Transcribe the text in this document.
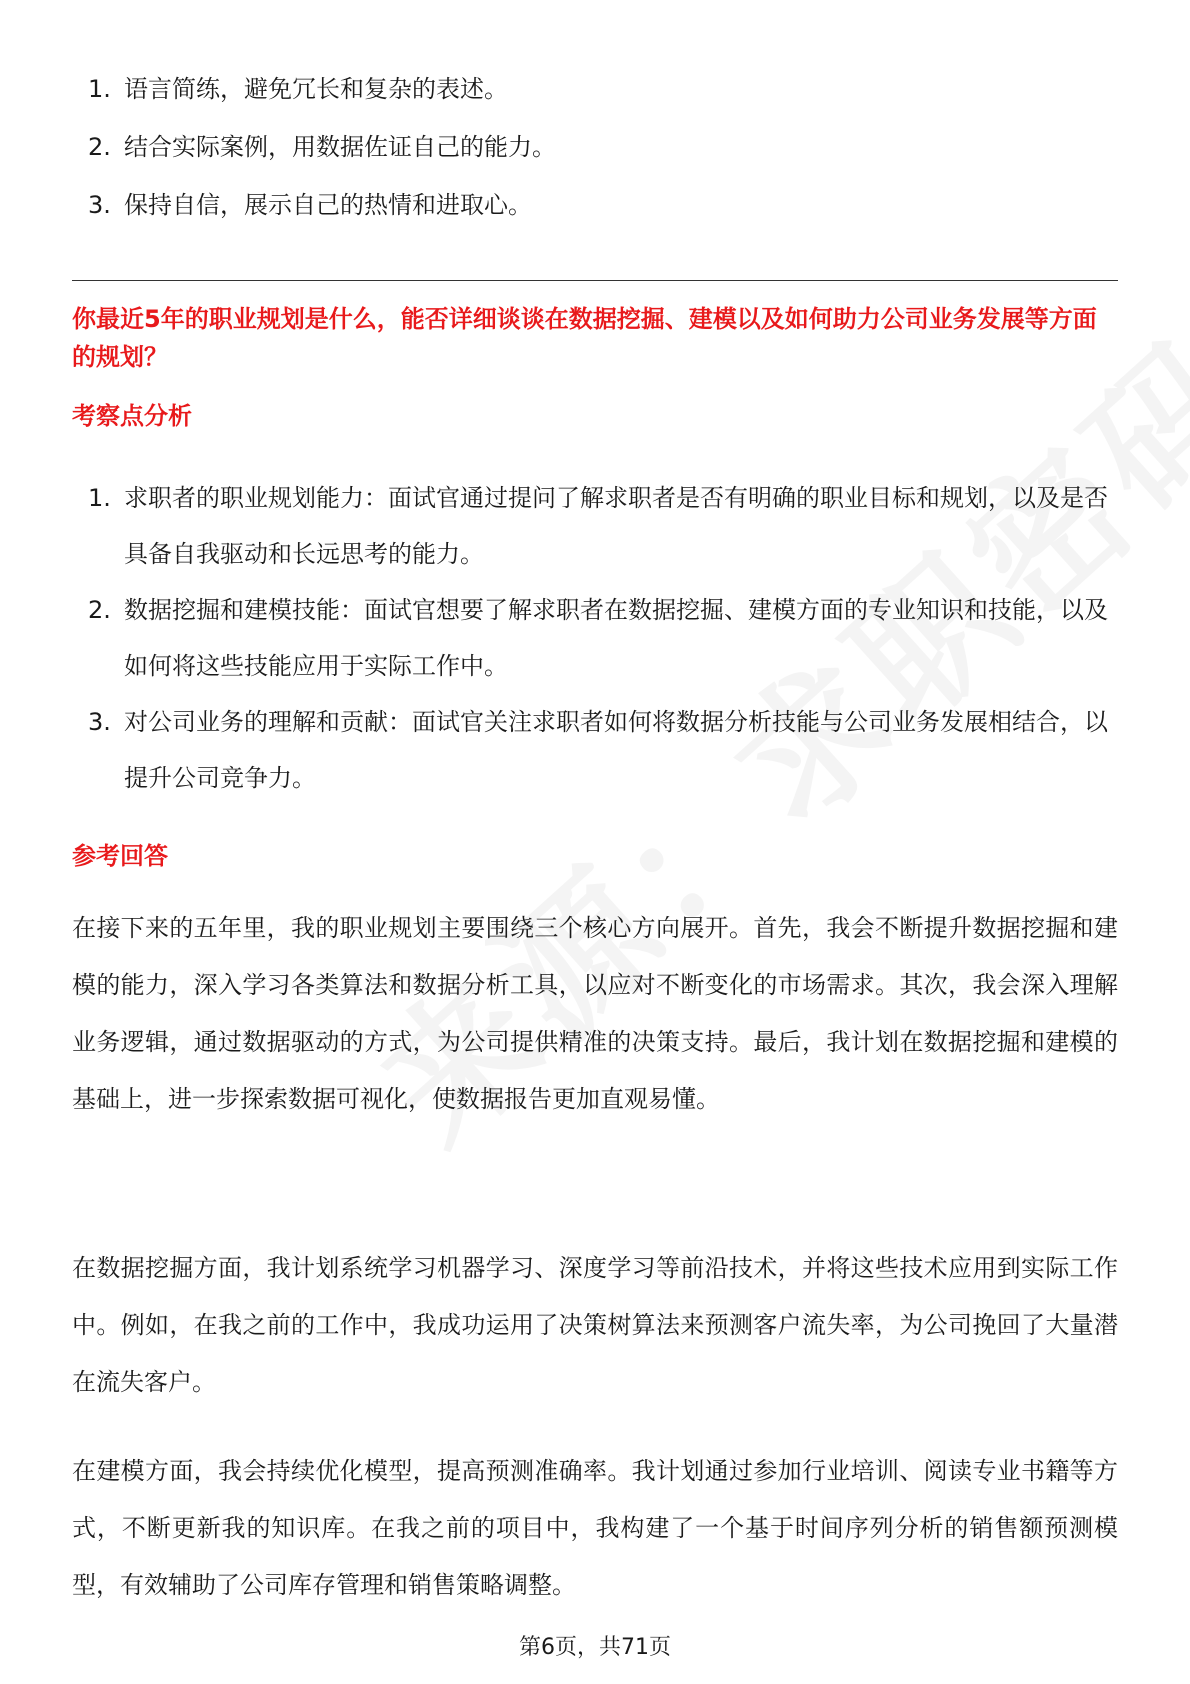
1. 语言简练，避免冗长和复杂的表述。
2. 结合实际案例，用数据佐证自己的能力。
3. 保持自信，展示自己的热情和进取心。
你最近5年的职业规划是什么，能否详细谈谈在数据挖掘、建模以及如何助力公司业务发展等方面的规划？
考察点分析
1. 求职者的职业规划能力：面试官通过提问了解求职者是否有明确的职业目标和规划，以及是否具备自我驱动和长远思考的能力。
2. 数据挖掘和建模技能：面试官想要了解求职者在数据挖掘、建模方面的专业知识和技能，以及如何将这些技能应用于实际工作中。
3. 对公司业务的理解和贡献：面试官关注求职者如何将数据分析技能与公司业务发展相结合，以提升公司竞争力。
参考回答

在接下来的五年里，我的职业规划主要围绕三个核心方向展开。首先，我会不断提升数据挖掘和建模的能力，深入学习各类算法和数据分析工具，以应对不断变化的市场需求。其次，我会深入理解业务逻辑，通过数据驱动的方式，为公司提供精准的决策支持。最后，我计划在数据挖掘和建模的基础上，进一步探索数据可视化，使数据报告更加直观易懂。

在数据挖掘方面，我计划系统学习机器学习、深度学习等前沿技术，并将这些技术应用到实际工作中。例如，在我之前的工作中，我成功运用了决策树算法来预测客户流失率，为公司挽回了大量潜在流失客户。

在建模方面，我会持续优化模型，提高预测准确率。我计划通过参加行业培训、阅读专业书籍等方式，不断更新我的知识库。在我之前的项目中，我构建了一个基于时间序列分析的销售额预测模型，有效辅助了公司库存管理和销售策略调整。

第6页，共71页
